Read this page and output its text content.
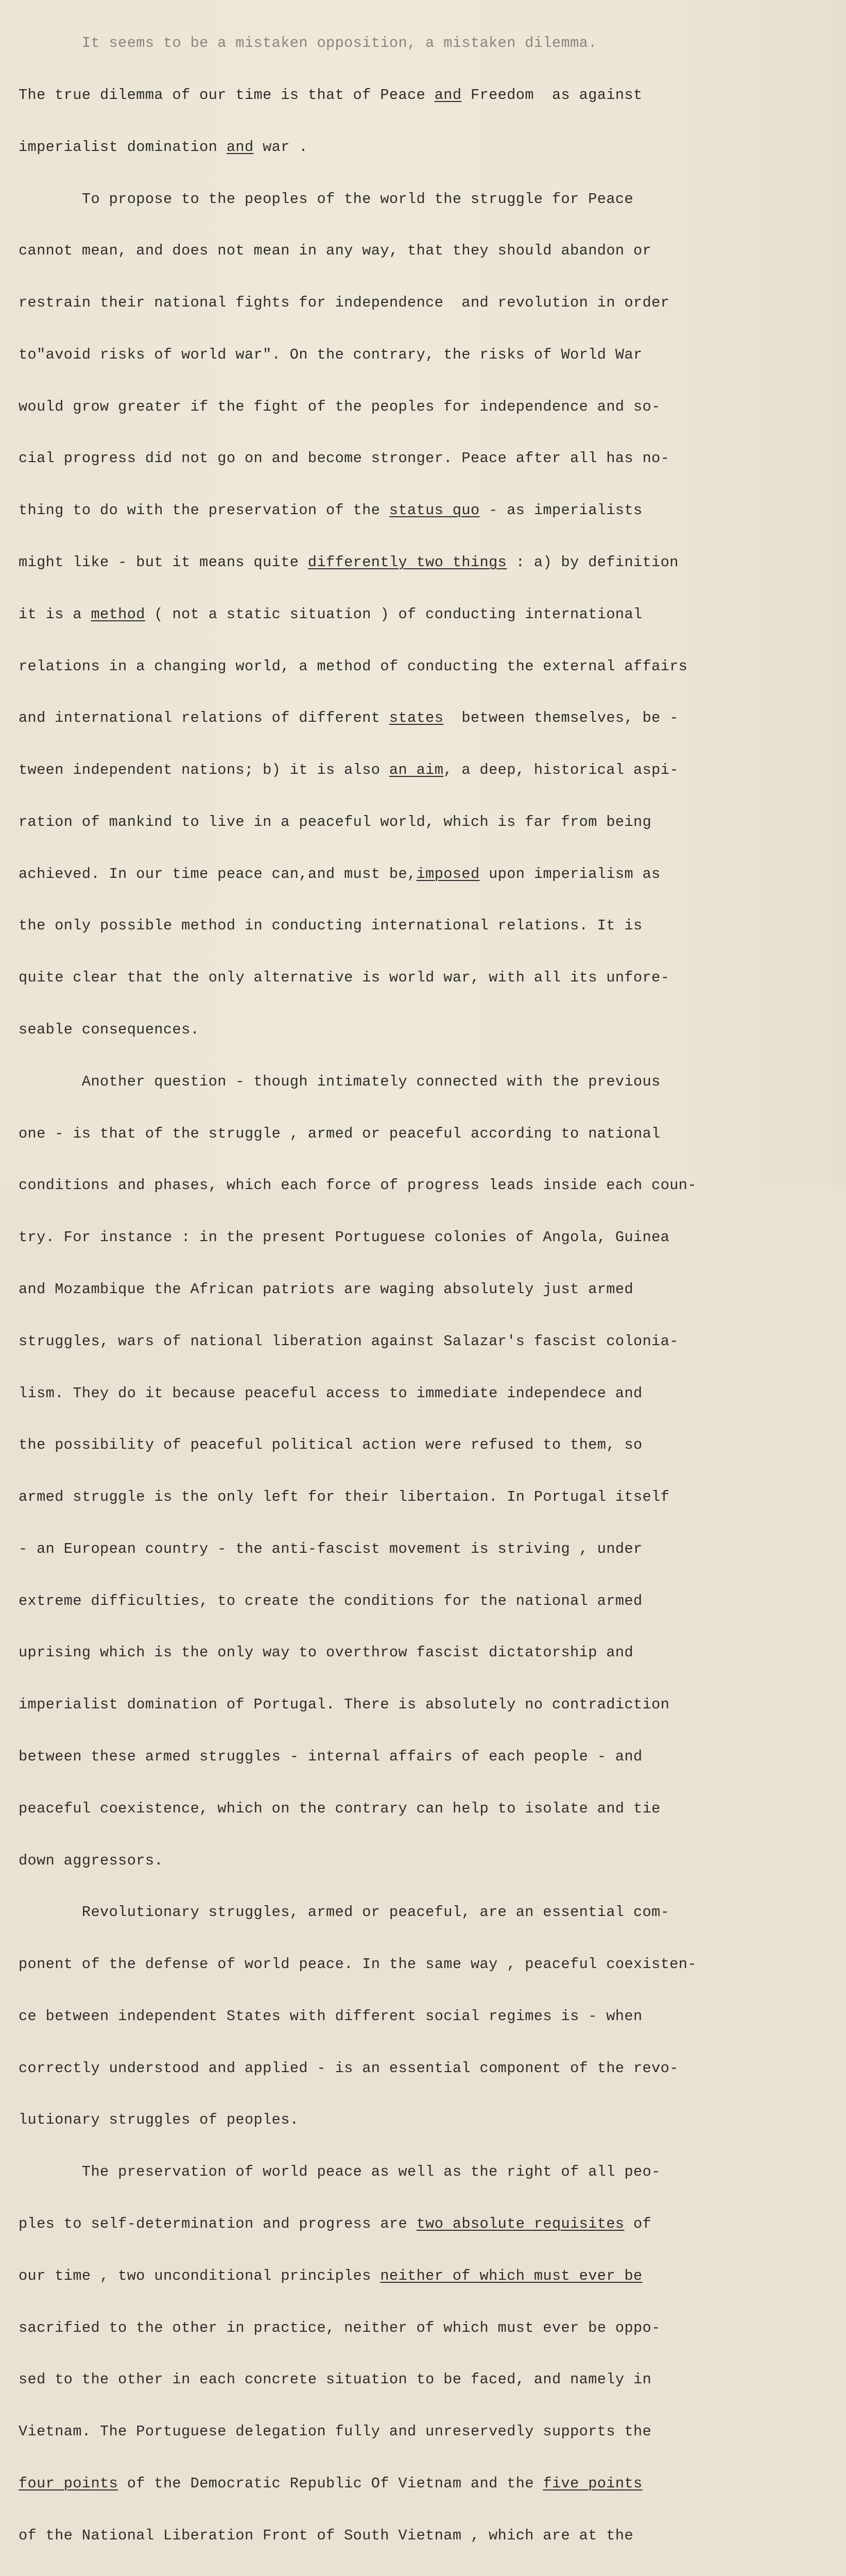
It seems to be a mistaken opposition, a mistaken dilemma.

The true dilemma of our time is that of Peace and Freedom  as against

imperialist domination and war .

To propose to the peoples of the world the struggle for Peace

cannot mean, and does not mean in any way, that they should abandon or

restrain their national fights for independence  and revolution in order

to"avoid risks of world war". On the contrary, the risks of World War

would grow greater if the fight of the peoples for independence and so-

cial progress did not go on and become stronger. Peace after all has no-

thing to do with the preservation of the status quo - as imperialists

might like - but it means quite differently two things : a) by definition

it is a method ( not a static situation ) of conducting international

relations in a changing world, a method of conducting the external affairs

and international relations of different states  between themselves, be -

tween independent nations; b) it is also an aim, a deep, historical aspi-

ration of mankind to live in a peaceful world, which is far from being

achieved. In our time peace can,and must be,imposed upon imperialism as

the only possible method in conducting international relations. It is

quite clear that the only alternative is world war, with all its unfore-

seable consequences.

Another question - though intimately connected with the previous

one - is that of the struggle , armed or peaceful according to national

conditions and phases, which each force of progress leads inside each coun-

try. For instance : in the present Portuguese colonies of Angola, Guinea

and Mozambique the African patriots are waging absolutely just armed

struggles, wars of national liberation against Salazar's fascist colonia-

lism. They do it because peaceful access to immediate independece and

the possibility of peaceful political action were refused to them, so

armed struggle is the only left for their libertaion. In Portugal itself

- an European country - the anti-fascist movement is striving , under

extreme difficulties, to create the conditions for the national armed

uprising which is the only way to overthrow fascist dictatorship and

imperialist domination of Portugal. There is absolutely no contradiction

between these armed struggles - internal affairs of each people - and

peaceful coexistence, which on the contrary can help to isolate and tie

down aggressors.

Revolutionary struggles, armed or peaceful, are an essential com-

ponent of the defense of world peace. In the same way , peaceful coexisten-

ce between independent States with different social regimes is - when

correctly understood and applied - is an essential component of the revo-

lutionary struggles of peoples.

The preservation of world peace as well as the right of all peo-

ples to self-determination and progress are two absolute requisites of

our time , two unconditional principles neither of which must ever be

sacrified to the other in practice, neither of which must ever be oppo-

sed to the other in each concrete situation to be faced, and namely in

Vietnam. The Portuguese delegation fully and unreservedly supports the

four points of the Democratic Republic Of Vietnam and the five points

of the National Liberation Front of South Vietnam , which are at the
